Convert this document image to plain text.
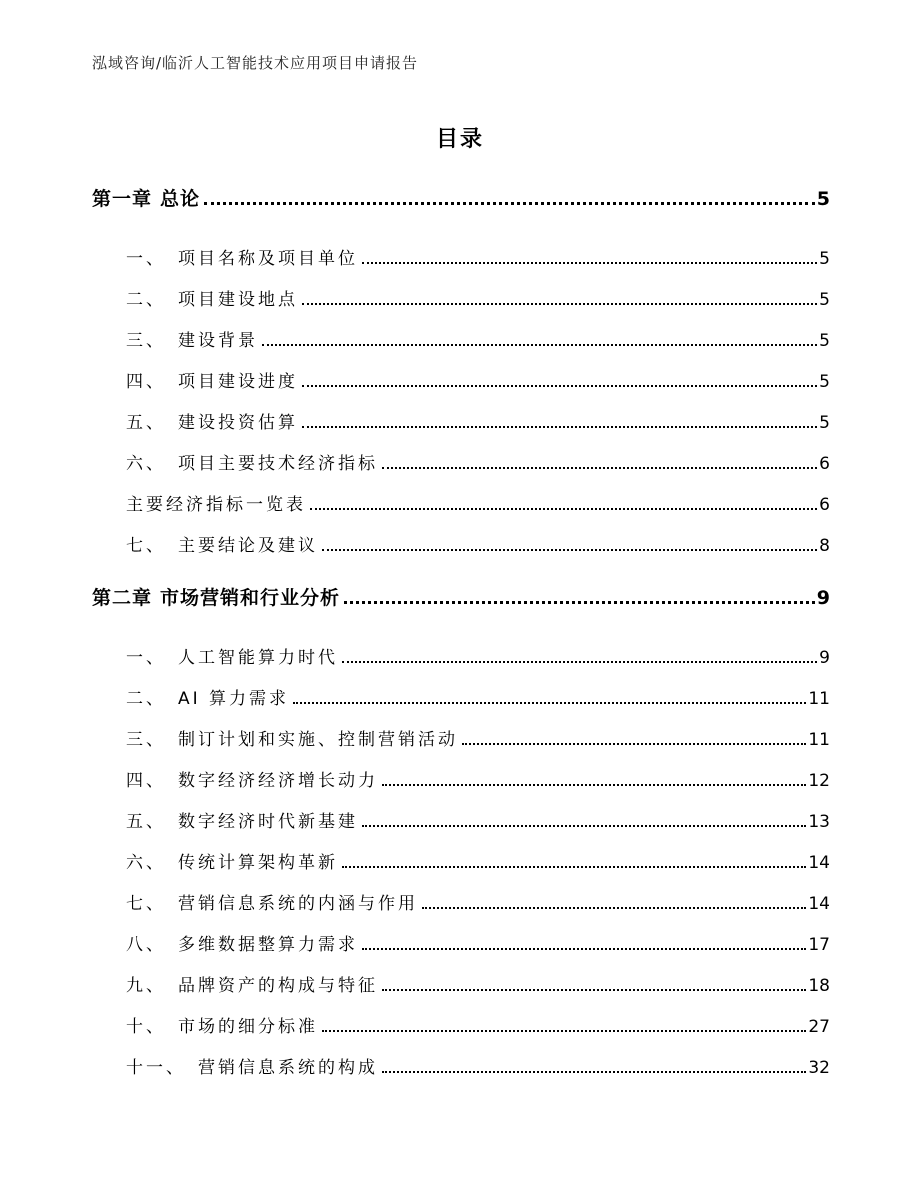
泓域咨询/临沂人工智能技术应用项目申请报告
目录
第一章 总论	5
一、 项目名称及项目单位	5
二、 项目建设地点	5
三、 建设背景	5
四、 项目建设进度	5
五、 建设投资估算	5
六、 项目主要技术经济指标	6
主要经济指标一览表	6
七、 主要结论及建议	8
第二章 市场营销和行业分析	9
一、 人工智能算力时代	9
二、 AI 算力需求	11
三、 制订计划和实施、控制营销活动	11
四、 数字经济经济增长动力	12
五、 数字经济时代新基建	13
六、 传统计算架构革新	14
七、 营销信息系统的内涵与作用	14
八、 多维数据整算力需求	17
九、 品牌资产的构成与特征	18
十、 市场的细分标准	27
十一、 营销信息系统的构成	32
